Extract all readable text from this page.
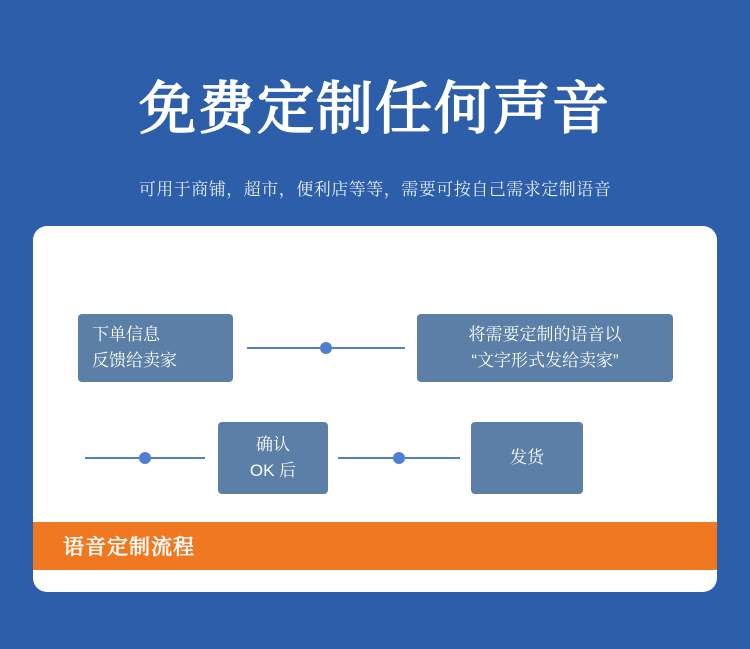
免费定制任何声音
可用于商铺，超市，便利店等等，需要可按自己需求定制语音
下单信息
反馈给卖家
将需要定制的语音以
“文字形式发给卖家”
确认
OK 后
发货
语音定制流程
